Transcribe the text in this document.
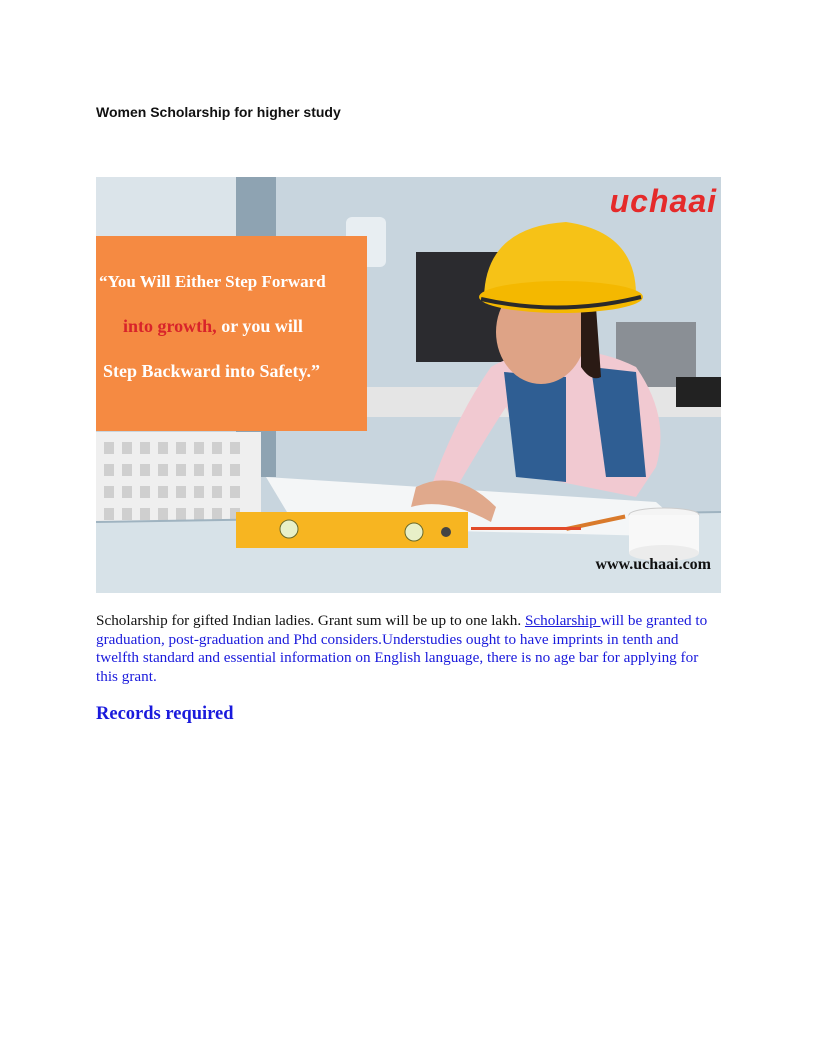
Women Scholarship for higher study
“You Will Either Step Forward
into growth, or you will
Step Backward into Safety.”
uchaai
www.uchaai.com

Scholarship for gifted Indian ladies. Grant sum will be up to one lakh. Scholarship will be granted to graduation, post-graduation and Phd considers.Understudies ought to have imprints in tenth and twelfth standard and essential information on English language, there is no age bar for applying for this grant.

Records required
